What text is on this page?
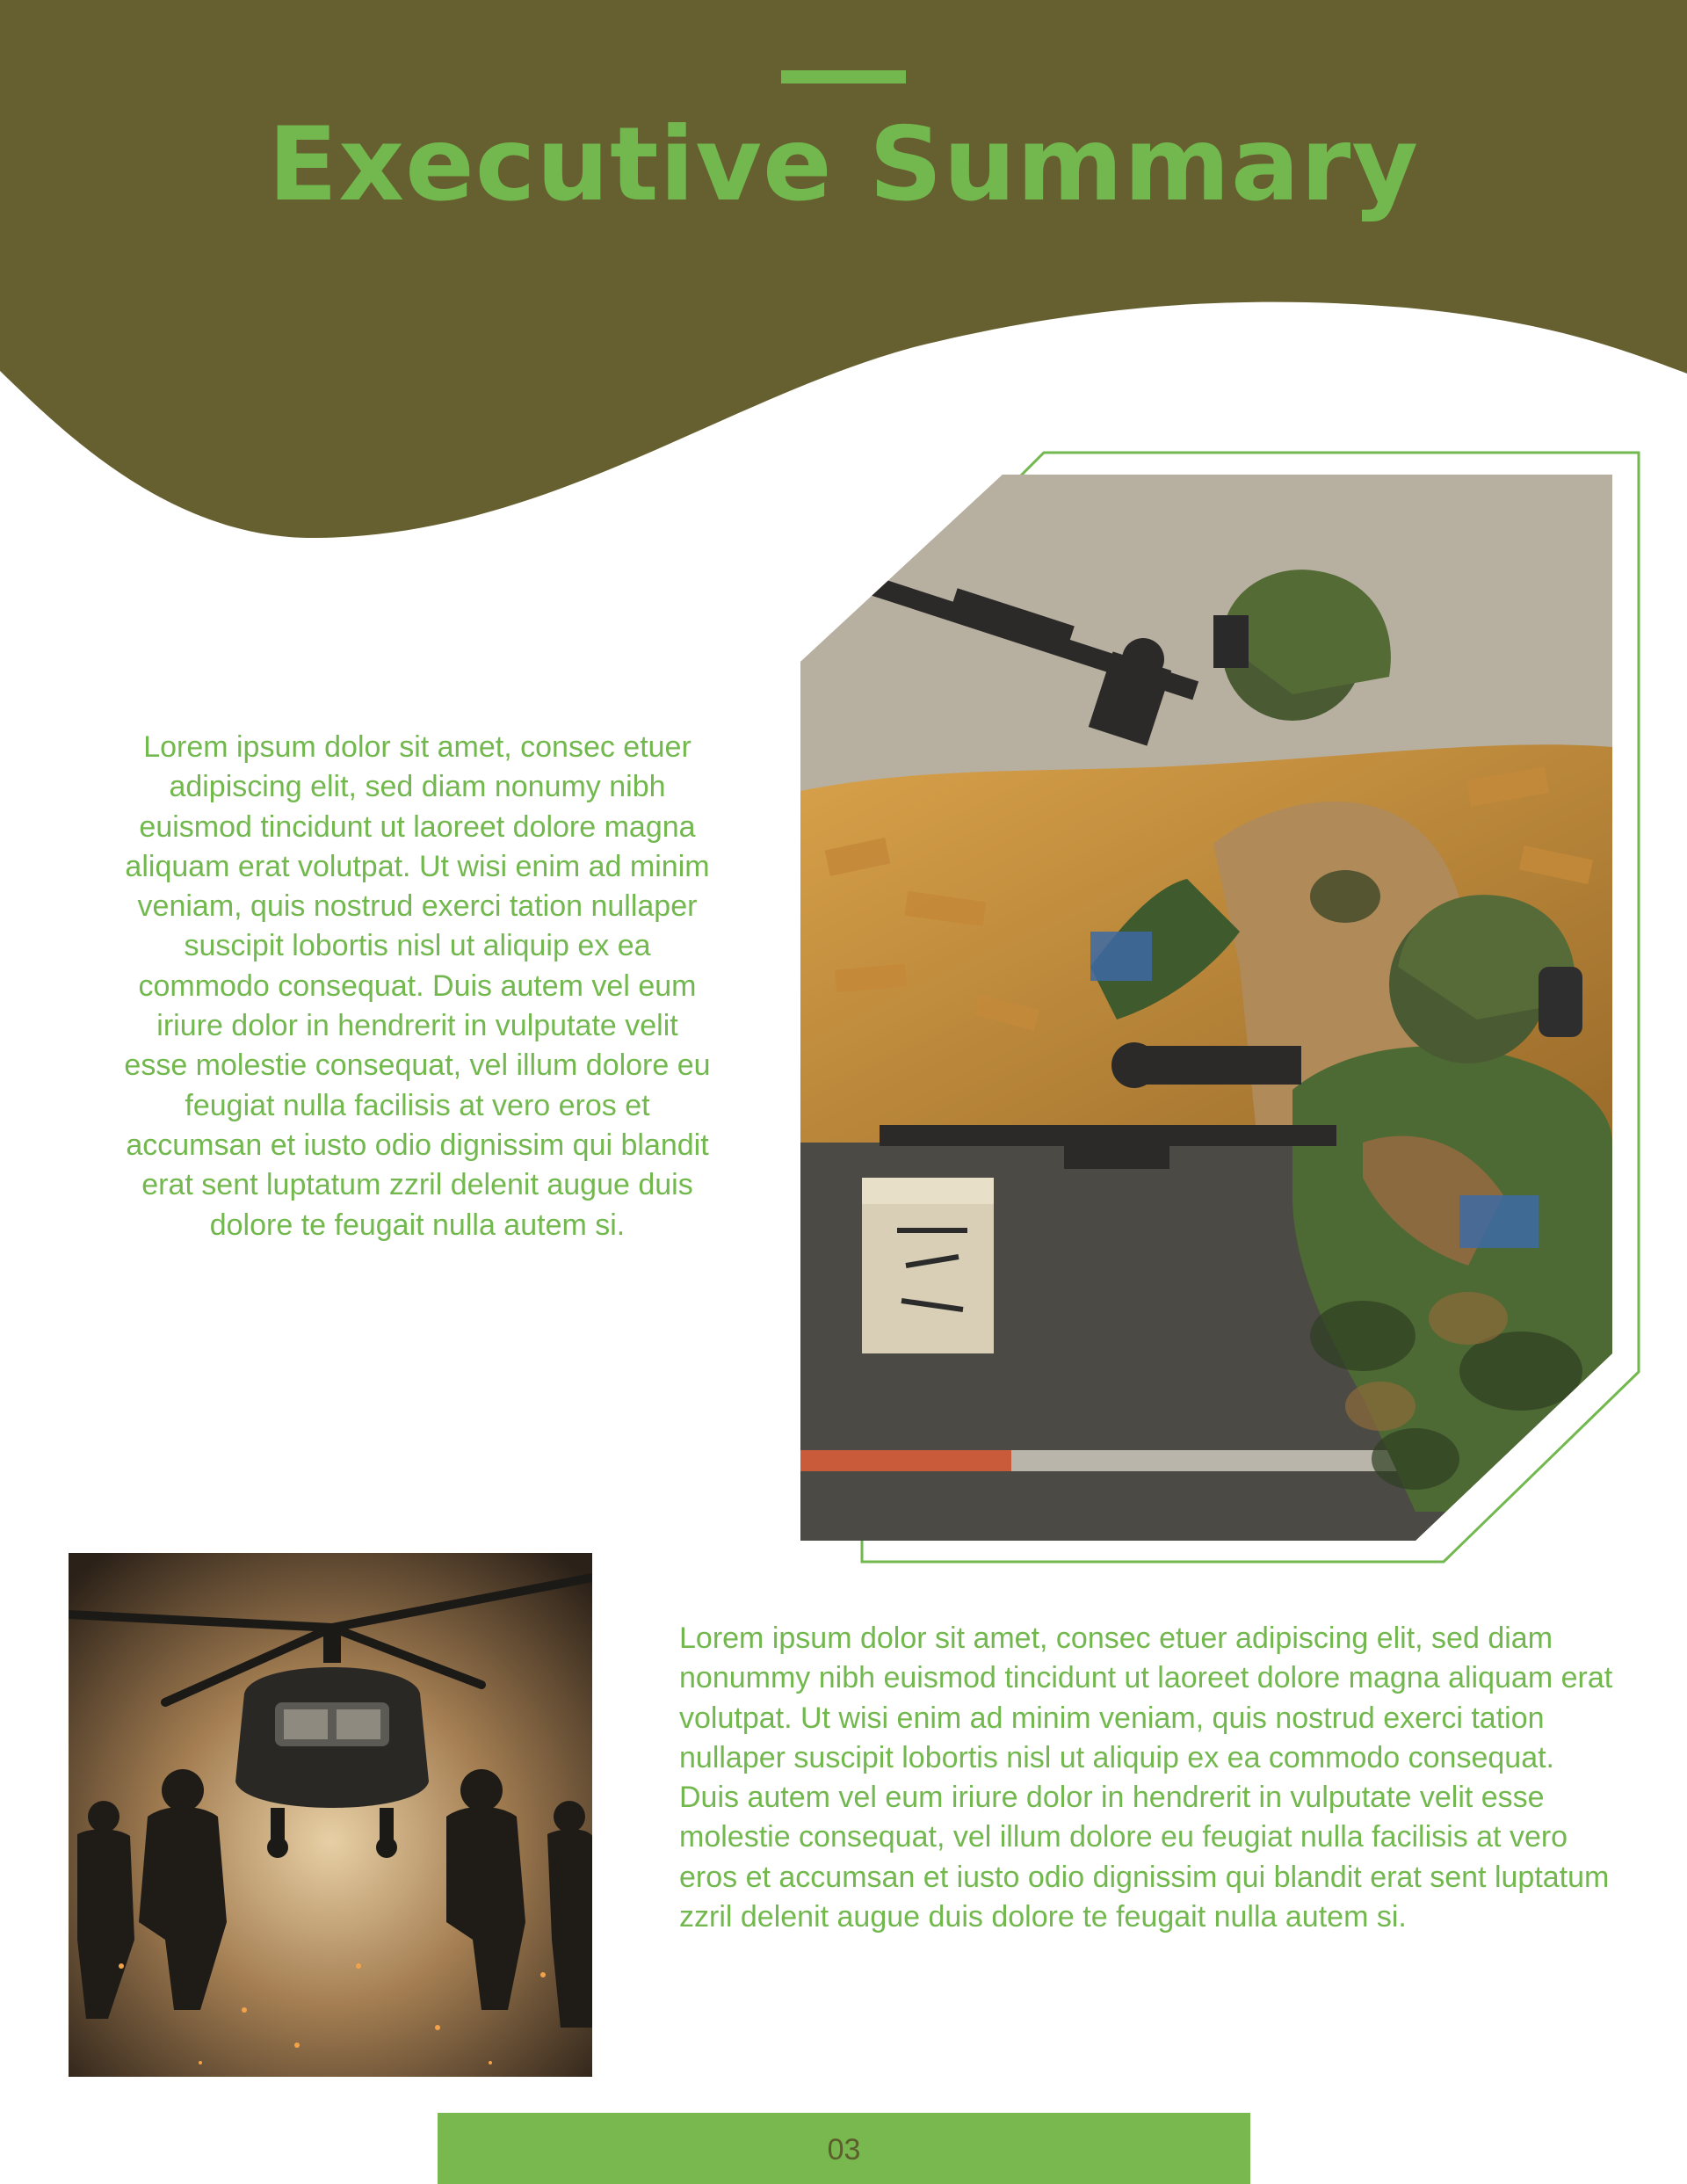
Executive Summary
Lorem ipsum dolor sit amet, consec etuer adipiscing elit, sed diam nonumy nibh euismod tincidunt ut laoreet dolore magna aliquam erat volutpat. Ut wisi enim ad minim veniam, quis nostrud exerci tation nullaper suscipit lobortis nisl ut aliquip ex ea commodo consequat. Duis autem vel eum iriure dolor in hendrerit in vulputate velit esse molestie consequat, vel illum dolore eu feugiat nulla facilisis at vero eros et accumsan et iusto odio dignissim qui blandit erat sent luptatum zzril delenit augue duis dolore te feugait nulla autem si.
Lorem ipsum dolor sit amet, consec etuer adipiscing elit, sed diam nonummy nibh euismod tincidunt ut laoreet dolore magna aliquam erat volutpat. Ut wisi enim ad minim veniam, quis nostrud exerci tation nullaper suscipit lobortis nisl ut aliquip ex ea commodo consequat. Duis autem vel eum iriure dolor in hendrerit in vulputate velit esse molestie consequat, vel illum dolore eu feugiat nulla facilisis at vero eros et accumsan et iusto odio dignissim qui blandit erat sent luptatum zzril delenit augue duis dolore te feugait nulla autem si.
03
